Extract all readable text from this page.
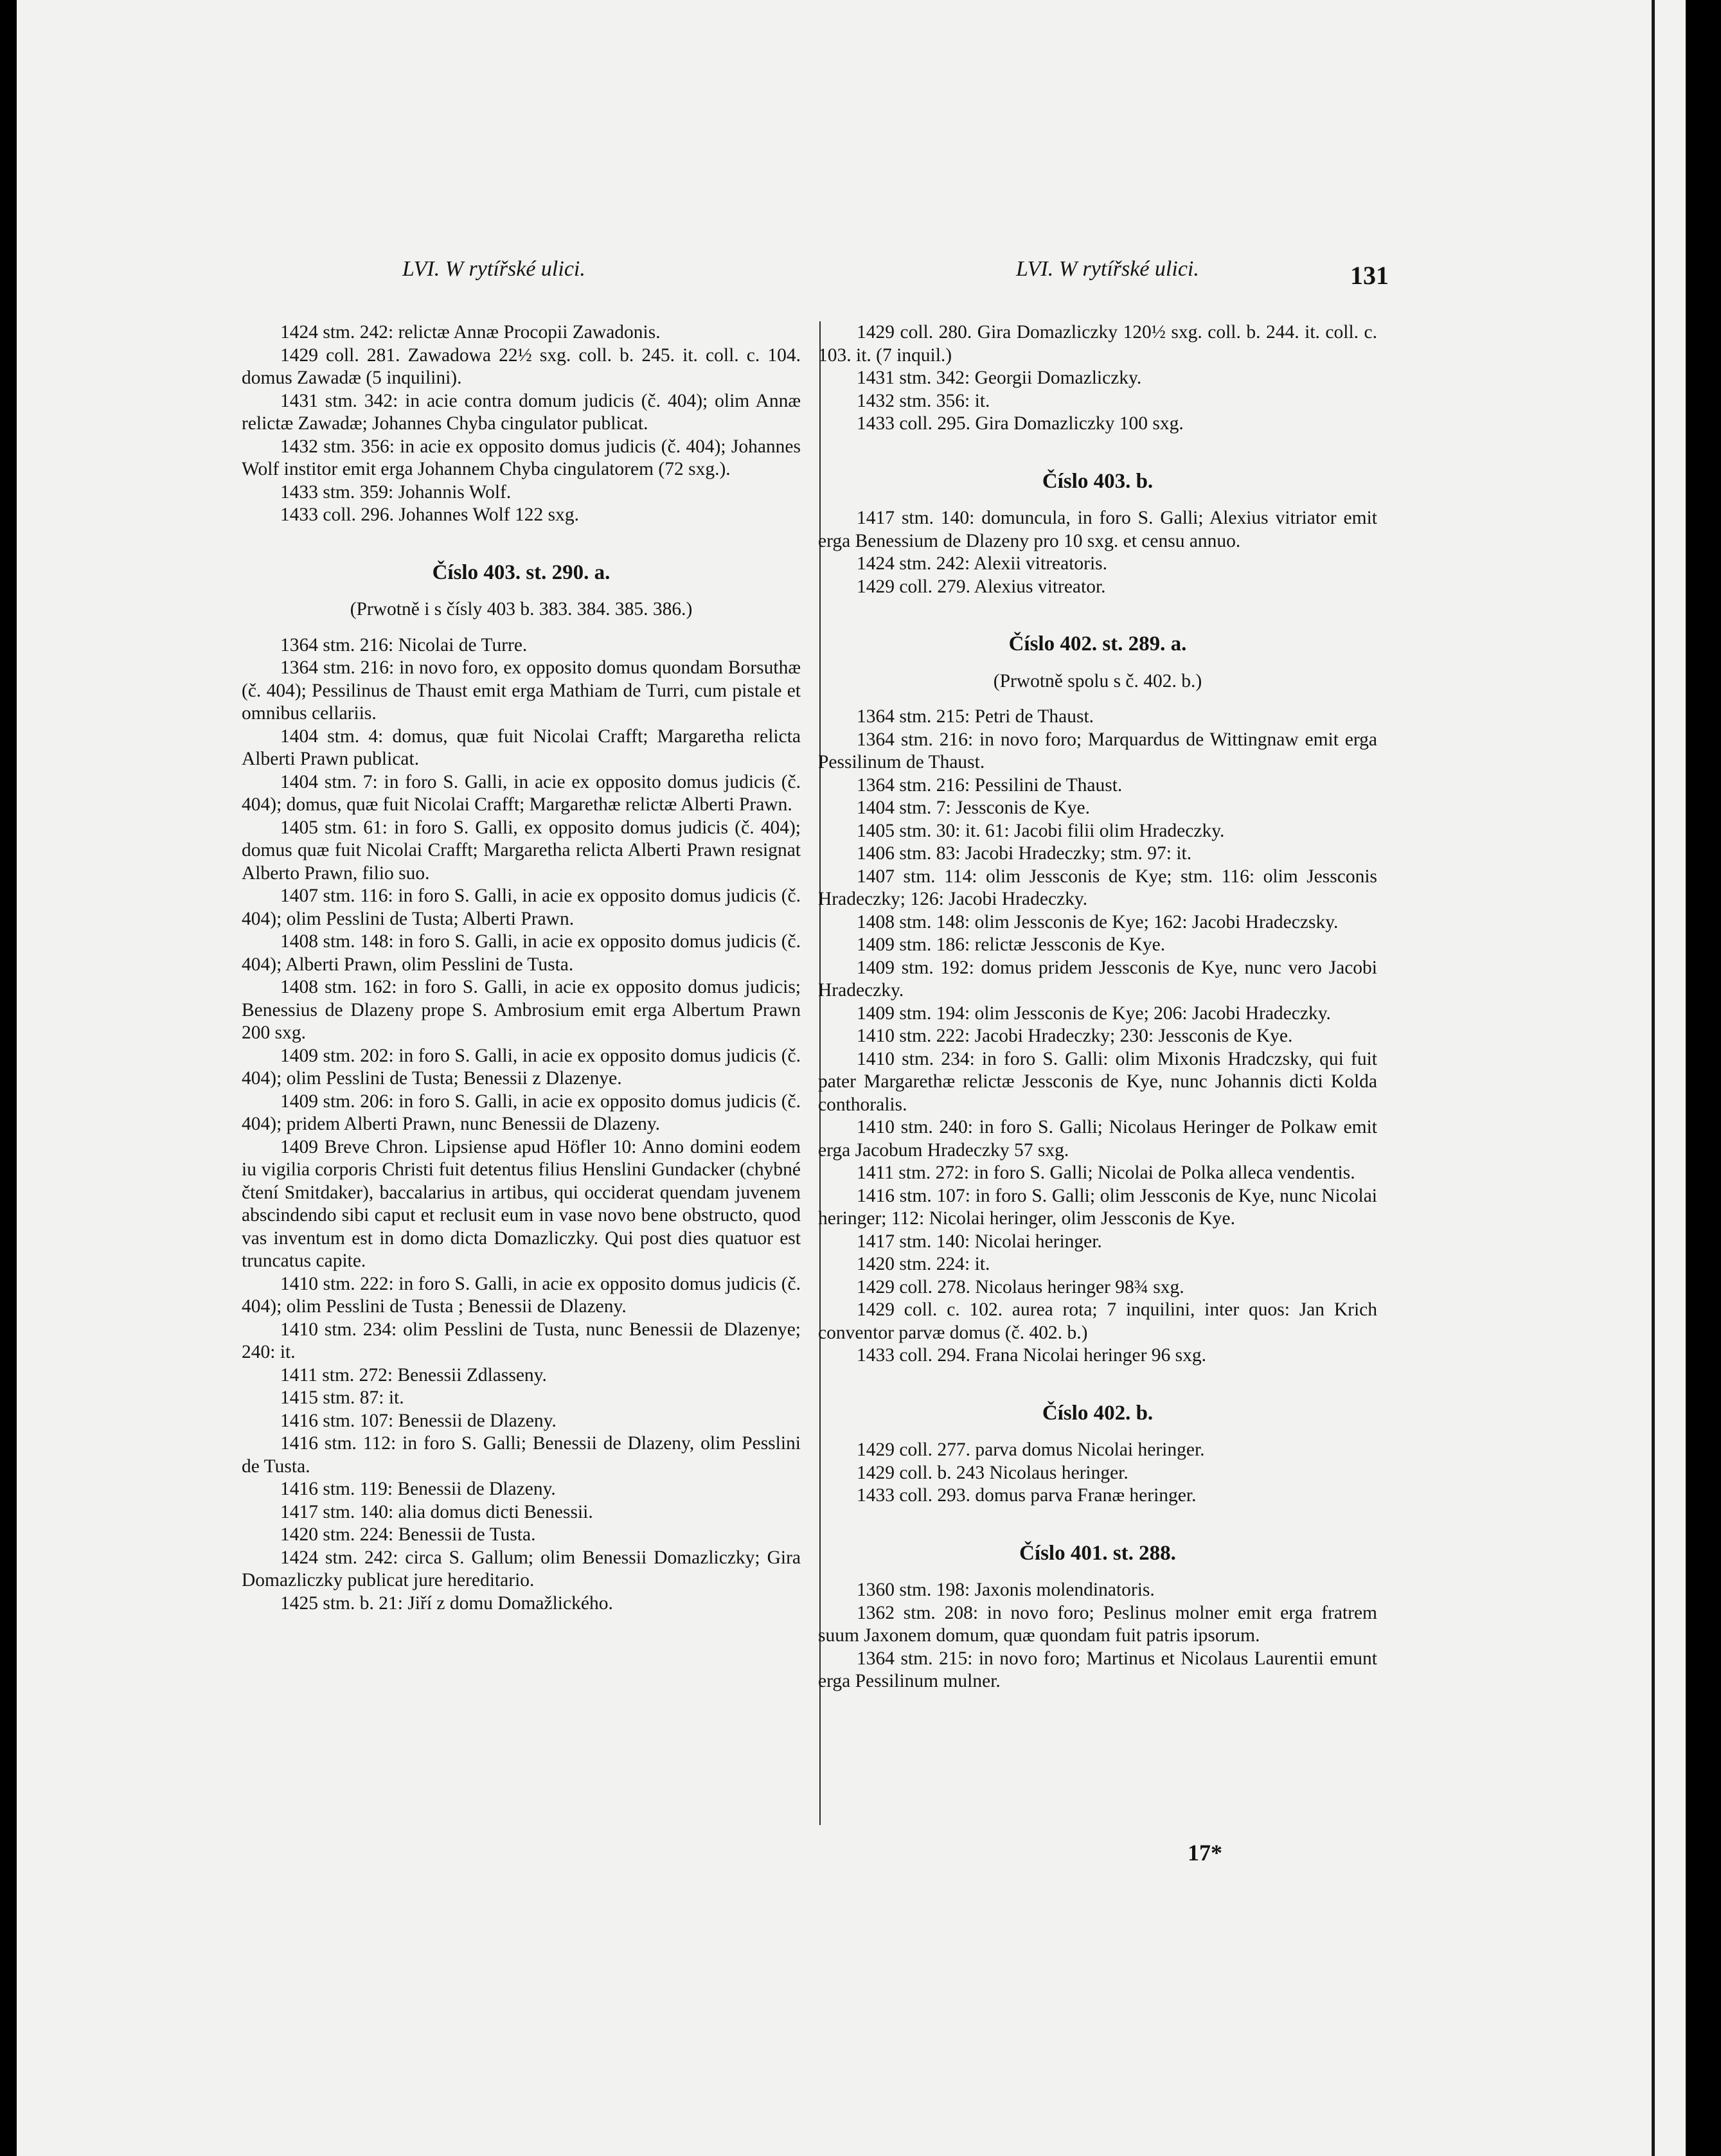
LVI. W rytířské ulici.	LVI. W rytířské ulici.	131

1424 stm. 242: relictæ Annæ Procopii Zawadonis.

1429 coll. 281. Zawadowa 22½ sxg. coll. b. 245. it. coll. c. 104. domus Zawadæ (5 inquilini).

1431 stm. 342: in acie contra domum judicis (č. 404); olim Annæ relictæ Zawadæ; Johannes Chyba cingulator publicat.

1432 stm. 356: in acie ex opposito domus judicis (č. 404); Johannes Wolf institor emit erga Johannem Chyba cingulatorem (72 sxg.).

1433 stm. 359: Johannis Wolf.

1433 coll. 296. Johannes Wolf 122 sxg.

Číslo 403. st. 290. a.

(Prwotně i s čísly 403 b. 383. 384. 385. 386.)

1364 stm. 216: Nicolai de Turre.

1364 stm. 216: in novo foro, ex opposito domus quondam Borsuthæ (č. 404); Pessilinus de Thaust emit erga Mathiam de Turri, cum pistale et omnibus cellariis.

1404 stm. 4: domus, quæ fuit Nicolai Crafft; Margaretha relicta Alberti Prawn publicat.

1404 stm. 7: in foro S. Galli, in acie ex opposito domus judicis (č. 404); domus, quæ fuit Nicolai Crafft; Margarethæ relictæ Alberti Prawn.

1405 stm. 61: in foro S. Galli, ex opposito domus judicis (č. 404); domus quæ fuit Nicolai Crafft; Margaretha relicta Alberti Prawn resignat Alberto Prawn, filio suo.

1407 stm. 116: in foro S. Galli, in acie ex opposito domus judicis (č. 404); olim Pesslini de Tusta; Alberti Prawn.

1408 stm. 148: in foro S. Galli, in acie ex opposito domus judicis (č. 404); Alberti Prawn, olim Pesslini de Tusta.

1408 stm. 162: in foro S. Galli, in acie ex opposito domus judicis; Benessius de Dlazeny prope S. Ambrosium emit erga Albertum Prawn 200 sxg.

1409 stm. 202: in foro S. Galli, in acie ex opposito domus judicis (č. 404); olim Pesslini de Tusta; Benessii z Dlazenye.

1409 stm. 206: in foro S. Galli, in acie ex opposito domus judicis (č. 404); pridem Alberti Prawn, nunc Benessii de Dlazeny.

1409 Breve Chron. Lipsiense apud Höfler 10: Anno domini eodem iu vigilia corporis Christi fuit detentus filius Henslini Gundacker (chybné čtení Smitdaker), baccalarius in artibus, qui occiderat quendam juvenem abscindendo sibi caput et reclusit eum in vase novo bene obstructo, quod vas inventum est in domo dicta Domazliczky. Qui post dies quatuor est truncatus capite.

1410 stm. 222: in foro S. Galli, in acie ex opposito domus judicis (č. 404); olim Pesslini de Tusta ; Benessii de Dlazeny.

1410 stm. 234: olim Pesslini de Tusta, nunc Benessii de Dlazenye; 240: it.

1411 stm. 272: Benessii Zdlasseny.

1415 stm. 87: it.

1416 stm. 107: Benessii de Dlazeny.

1416 stm. 112: in foro S. Galli; Benessii de Dlazeny, olim Pesslini de Tusta.

1416 stm. 119: Benessii de Dlazeny.

1417 stm. 140: alia domus dicti Benessii.

1420 stm. 224: Benessii de Tusta.

1424 stm. 242: circa S. Gallum; olim Benessii Domazliczky; Gira Domazliczky publicat jure hereditario.

1425 stm. b. 21: Jiří z domu Domažlického.

1429 coll. 280. Gira Domazliczky 120½ sxg. coll. b. 244. it. coll. c. 103. it. (7 inquil.)

1431 stm. 342: Georgii Domazliczky.

1432 stm. 356: it.

1433 coll. 295. Gira Domazliczky 100 sxg.

Číslo 403. b.

1417 stm. 140: domuncula, in foro S. Galli; Alexius vitriator emit erga Benessium de Dlazeny pro 10 sxg. et censu annuo.

1424 stm. 242: Alexii vitreatoris.

1429 coll. 279. Alexius vitreator.

Číslo 402. st. 289. a.

(Prwotně spolu s č. 402. b.)

1364 stm. 215: Petri de Thaust.

1364 stm. 216: in novo foro; Marquardus de Wittingnaw emit erga Pessilinum de Thaust.

1364 stm. 216: Pessilini de Thaust.

1404 stm. 7: Jessconis de Kye.

1405 stm. 30: it. 61: Jacobi filii olim Hradeczky.

1406 stm. 83: Jacobi Hradeczky; stm. 97: it.

1407 stm. 114: olim Jessconis de Kye; stm. 116: olim Jessconis Hradeczky; 126: Jacobi Hradeczky.

1408 stm. 148: olim Jessconis de Kye; 162: Jacobi Hradeczsky.

1409 stm. 186: relictæ Jessconis de Kye.

1409 stm. 192: domus pridem Jessconis de Kye, nunc vero Jacobi Hradeczky.

1409 stm. 194: olim Jessconis de Kye; 206: Jacobi Hradeczky.

1410 stm. 222: Jacobi Hradeczky; 230: Jessconis de Kye.

1410 stm. 234: in foro S. Galli: olim Mixonis Hradczsky, qui fuit pater Margarethæ relictæ Jessconis de Kye, nunc Johannis dicti Kolda conthoralis.

1410 stm. 240: in foro S. Galli; Nicolaus Heringer de Polkaw emit erga Jacobum Hradeczky 57 sxg.

1411 stm. 272: in foro S. Galli; Nicolai de Polka alleca vendentis.

1416 stm. 107: in foro S. Galli; olim Jessconis de Kye, nunc Nicolai heringer; 112: Nicolai heringer, olim Jessconis de Kye.

1417 stm. 140: Nicolai heringer.

1420 stm. 224: it.

1429 coll. 278. Nicolaus heringer 98¾ sxg.

1429 coll. c. 102. aurea rota; 7 inquilini, inter quos: Jan Krich conventor parvæ domus (č. 402. b.)

1433 coll. 294. Frana Nicolai heringer 96 sxg.

Číslo 402. b.

1429 coll. 277. parva domus Nicolai heringer.

1429 coll. b. 243 Nicolaus heringer.

1433 coll. 293. domus parva Franæ heringer.

Číslo 401. st. 288.

1360 stm. 198: Jaxonis molendinatoris.

1362 stm. 208: in novo foro; Peslinus molner emit erga fratrem suum Jaxonem domum, quæ quondam fuit patris ipsorum.

1364 stm. 215: in novo foro; Martinus et Nicolaus Laurentii emunt erga Pessilinum mulner.

17*
